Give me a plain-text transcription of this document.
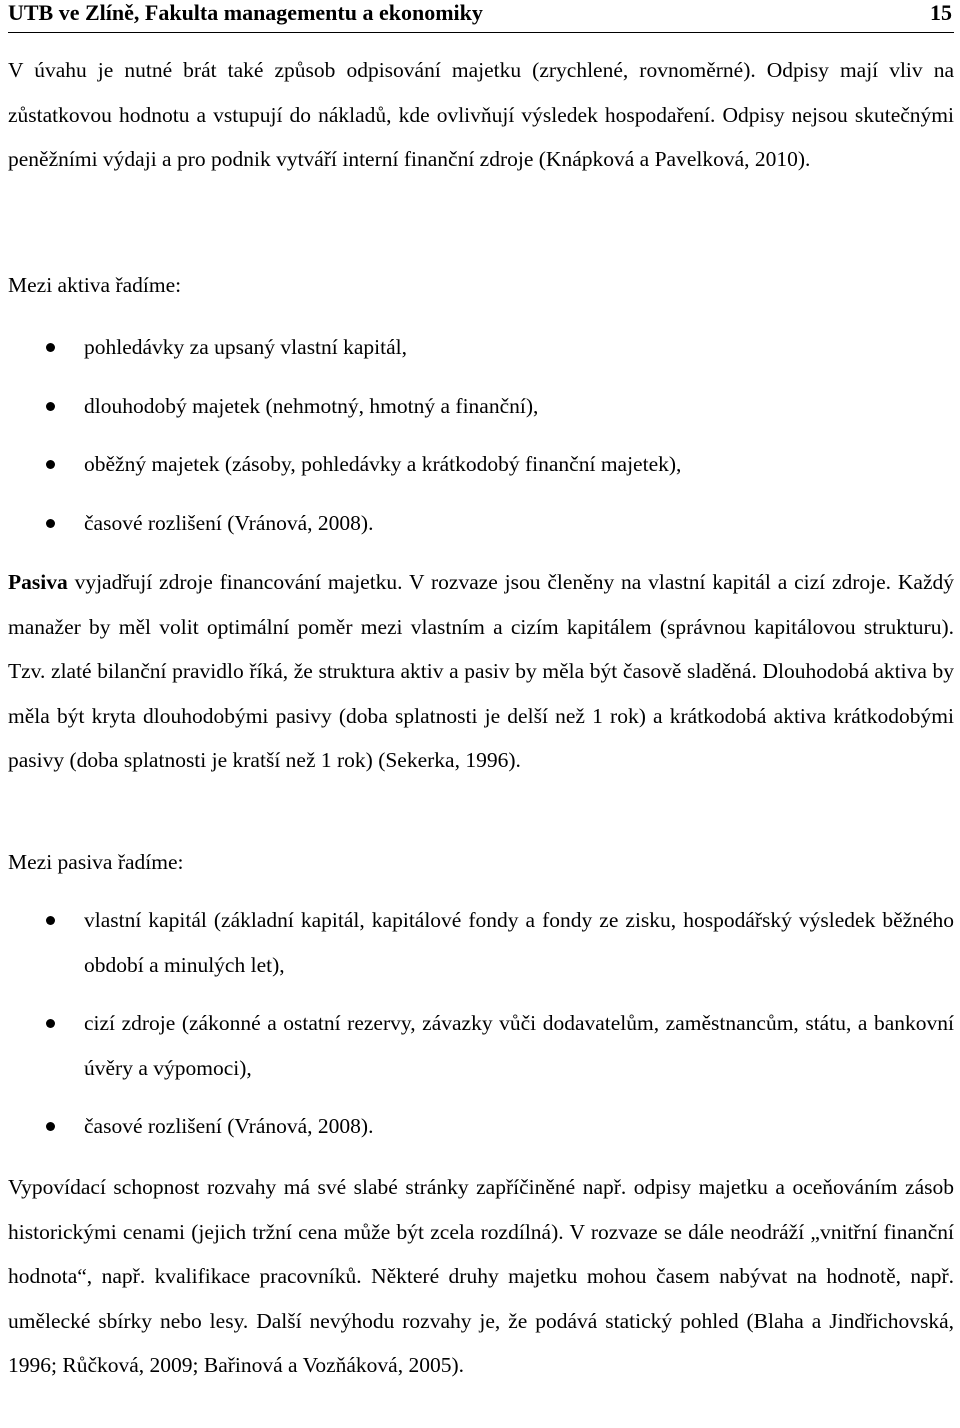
UTB ve Zlíně, Fakulta managementu a ekonomiky	15
V úvahu je nutné brát také způsob odpisování majetku (zrychlené, rovnoměrné). Odpisy mají vliv na zůstatkovou hodnotu a vstupují do nákladů, kde ovlivňují výsledek hospodaření. Odpisy nejsou skutečnými peněžními výdaji a pro podnik vytváří interní finanční zdroje (Knápková a Pavelková, 2010).
Mezi aktiva řadíme:
pohledávky za upsaný vlastní kapitál,
dlouhodobý majetek (nehmotný, hmotný a finanční),
oběžný majetek (zásoby, pohledávky a krátkodobý finanční majetek),
časové rozlišení (Vránová, 2008).
Pasiva vyjadřují zdroje financování majetku. V rozvaze jsou členěny na vlastní kapitál a cizí zdroje. Každý manažer by měl volit optimální poměr mezi vlastním a cizím kapitálem (správnou kapitálovou strukturu). Tzv. zlaté bilanční pravidlo říká, že struktura aktiv a pasiv by měla být časově sladěná. Dlouhodobá aktiva by měla být kryta dlouhodobými pasivy (doba splatnosti je delší než 1 rok) a krátkodobá aktiva krátkodobými pasivy (doba splatnosti je kratší než 1 rok) (Sekerka, 1996).
Mezi pasiva řadíme:
vlastní kapitál (základní kapitál, kapitálové fondy a fondy ze zisku, hospodářský výsledek běžného období a minulých let),
cizí zdroje (zákonné a ostatní rezervy, závazky vůči dodavatelům, zaměstnancům, státu, a bankovní úvěry a výpomoci),
časové rozlišení (Vránová, 2008).
Vypovídací schopnost rozvahy má své slabé stránky zapříčiněné např. odpisy majetku a oceňováním zásob historickými cenami (jejich tržní cena může být zcela rozdílná). V rozvaze se dále neodráží „vnitřní finanční hodnota“, např. kvalifikace pracovníků. Některé druhy majetku mohou časem nabývat na hodnotě, např. umělecké sbírky nebo lesy. Další nevýhodu rozvahy je, že podává statický pohled (Blaha a Jindřichovská, 1996; Růčková, 2009; Bařinová a Vozňáková, 2005).
